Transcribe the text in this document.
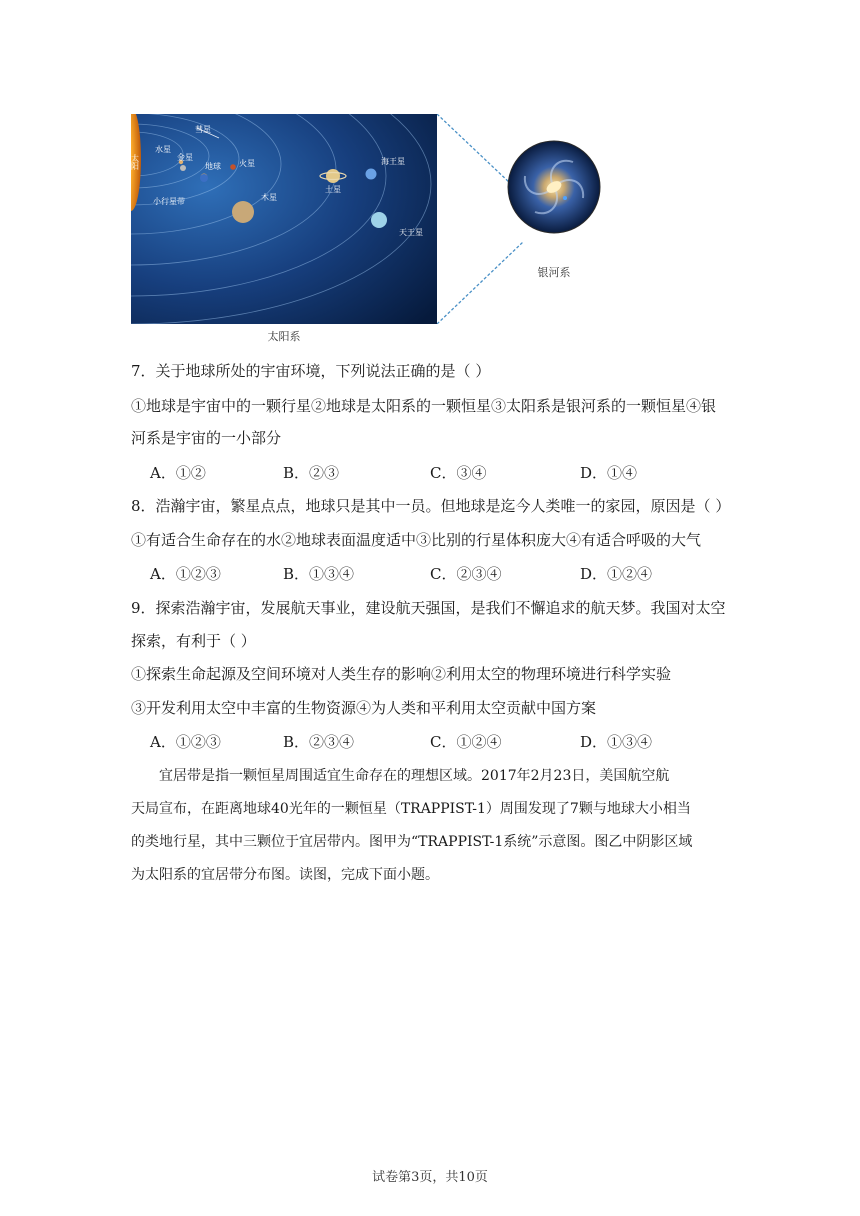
太阳
彗星
水星
金星
地球 火星
小行星带	木星
土星
海王星
天王星
太阳系
银河系
7．关于地球所处的宇宙环境，下列说法正确的是（ ）
①地球是宇宙中的一颗行星②地球是太阳系的一颗恒星③太阳系是银河系的一颗恒星④银
河系是宇宙的一小部分
A．①②	B．②③	C．③④	D．①④
8．浩瀚宇宙，繁星点点，地球只是其中一员。但地球是迄今人类唯一的家园，原因是（ ）
①有适合生命存在的水②地球表面温度适中③比别的行星体积庞大④有适合呼吸的大气
A．①②③	B．①③④	C．②③④	D．①②④
9．探索浩瀚宇宙，发展航天事业，建设航天强国，是我们不懈追求的航天梦。我国对太空
探索，有利于（ ）
①探索生命起源及空间环境对人类生存的影响②利用太空的物理环境进行科学实验
③开发利用太空中丰富的生物资源④为人类和平利用太空贡献中国方案
A．①②③	B．②③④	C．①②④	D．①③④
　　宜居带是指一颗恒星周围适宜生命存在的理想区域。2017年2月23日，美国航空航
天局宣布，在距离地球40光年的一颗恒星（TRAPPIST-1）周围发现了7颗与地球大小相当
的类地行星，其中三颗位于宜居带内。图甲为“TRAPPIST-1系统”示意图。图乙中阴影区域
为太阳系的宜居带分布图。读图，完成下面小题。
试卷第3页，共10页
